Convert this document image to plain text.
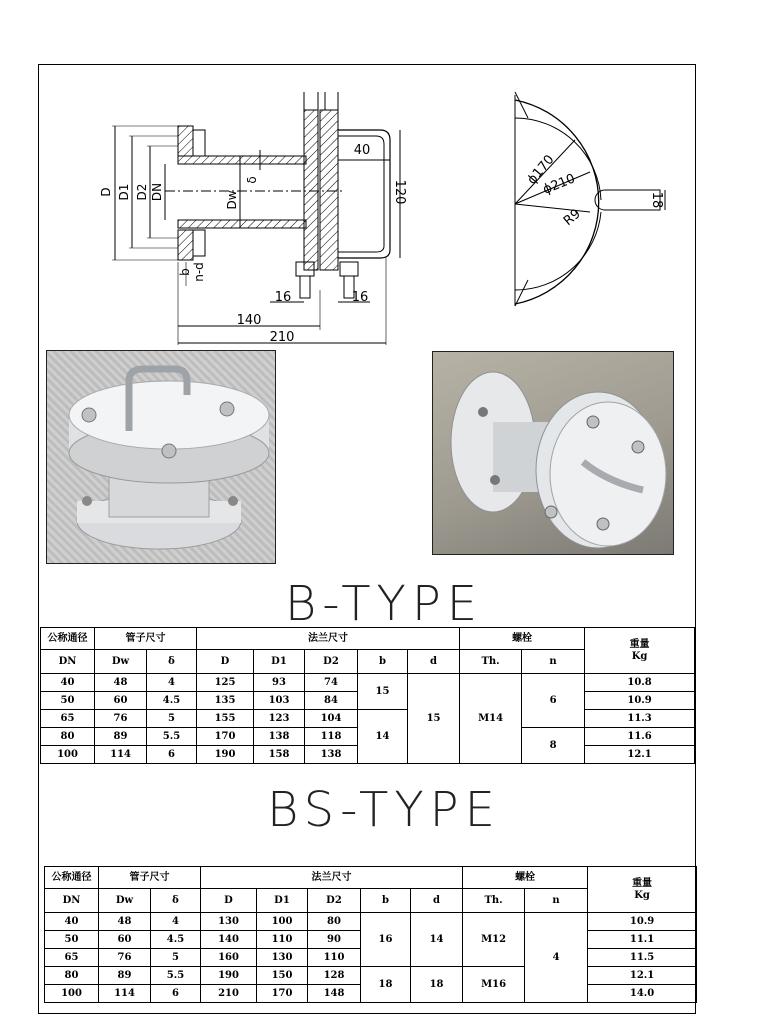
D D1 D2 DN	Dw
δ
b n-d
40
120
16	16
140
210
ϕ170
ϕ210
R9
18
B-TYPE
公称通径	管子尺寸		法兰尺寸					螺栓		重量
Kg

DN	Dw	δ	D	D1	D2	b	d	Th.	n	
40	48	4	125	93	74	15	15	M14	6	10.8
50	60	4.5	135	103	84					10.9
65	76	5	155	123	104	14				11.3
80	89	5.5	170	138	118				8	11.6
100	114	6	190	158	138					12.1
BS-TYPE
公称通径	管子尺寸		法兰尺寸					螺栓		重量
Kg

DN	Dw	δ	D	D1	D2	b	d	Th.	n	
40	48	4	130	100	80	16	14	M12	4	10.9
50	60	4.5	140	110	90					11.1
65	76	5	160	130	110					11.5
80	89	5.5	190	150	128	18	18	M16		12.1
100	114	6	210	170	148					14.0
